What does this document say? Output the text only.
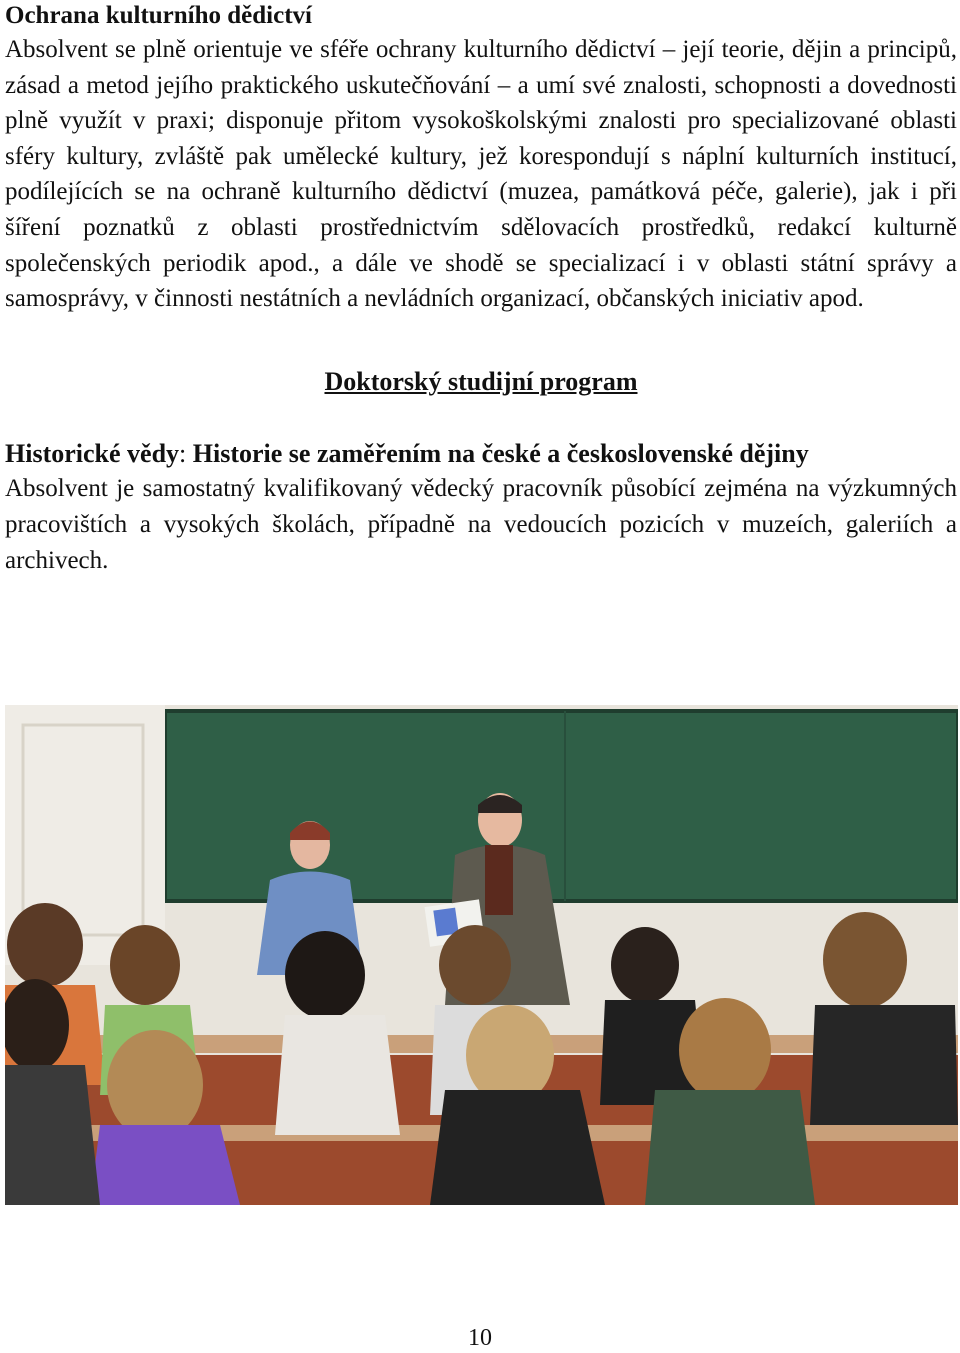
Ochrana kulturního dědictví

Absolvent se plně orientuje ve sféře ochrany kulturního dědictví – její teorie, dějin a principů, zásad a metod jejího praktického uskutečňování – a umí své znalosti, schopnosti a dovednosti plně využít v praxi; disponuje přitom vysokoškolskými znalosti pro specializované oblasti sféry kultury, zvláště pak umělecké kultury, jež korespondují s náplní kulturních institucí, podílejících se na ochraně kulturního dědictví (muzea, památková péče, galerie), jak i při šíření poznatků z oblasti prostřednictvím sdělovacích prostředků, redakcí kulturně společenských periodik apod., a dále ve shodě se specializací i v oblasti státní správy a samosprávy, v činnosti nestátních a nevládních organizací, občanských iniciativ apod.

Doktorský studijní program
Historické vědy: Historie se zaměřením na české a československé dějiny

Absolvent je samostatný kvalifikovaný vědecký pracovník působící zejména na výzkumných pracovištích a vysokých školách, případně na vedoucích pozicích v muzeích, galeriích a archivech.

10
